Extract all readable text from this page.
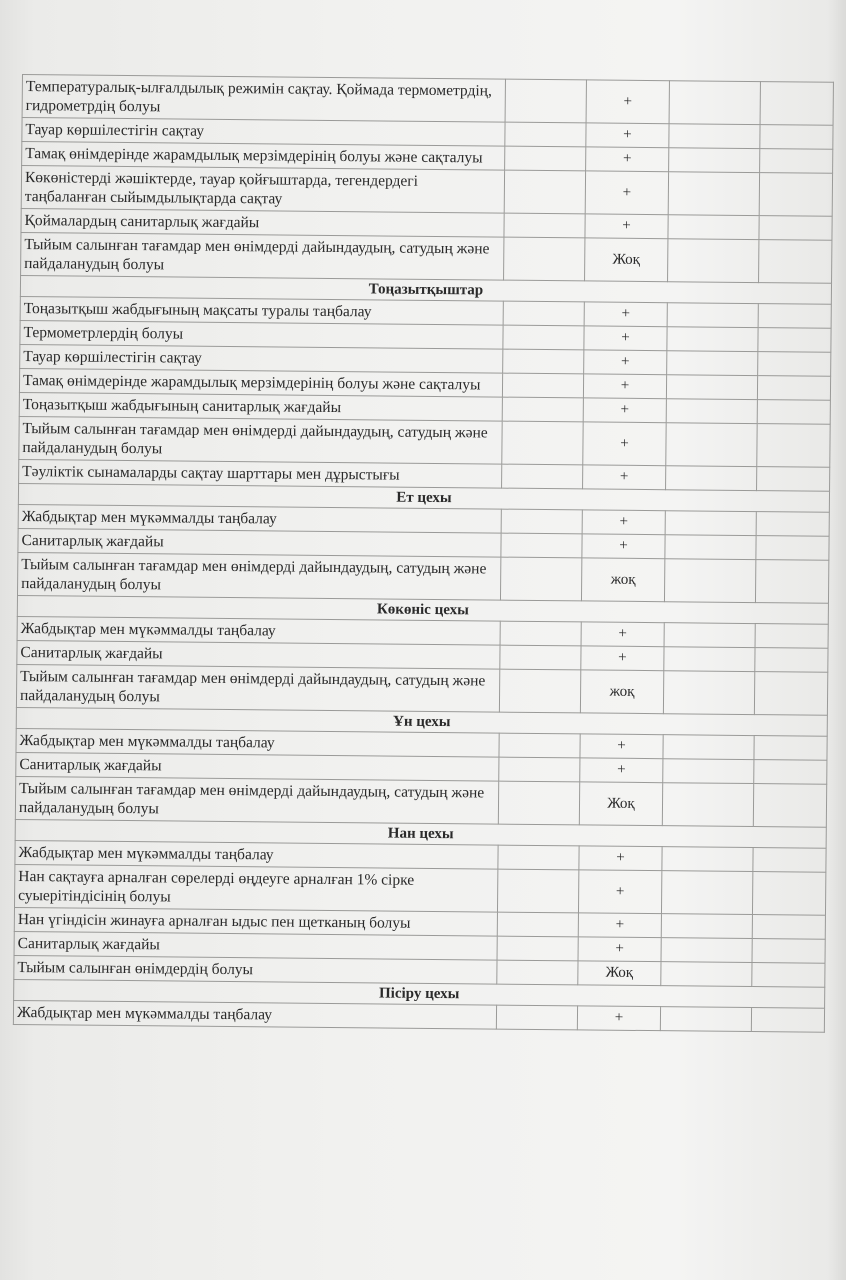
Температуралық-ылғалдылық режимін сақтау. Қоймада термометрдің, гидрометрдің болуы		+		
Тауар көршілестігін сақтау		+		
Тамақ өнімдерінде жарамдылық мерзімдерінің болуы және сақталуы		+		
Көкөністерді жәшіктерде, тауар қойғыштарда, тегендердегі таңбаланған сыйымдылықтарда сақтау		+		
Қоймалардың санитарлық жағдайы		+		
Тыйым салынған тағамдар мен өнімдерді дайындаудың, сатудың және пайдаланудың болуы		Жоқ		
Тоңазытқыштар				
Тоңазытқыш жабдығының мақсаты туралы таңбалау		+		
Термометрлердің болуы		+		
Тауар көршілестігін сақтау		+		
Тамақ өнімдерінде жарамдылық мерзімдерінің болуы және сақталуы		+		
Тоңазытқыш жабдығының санитарлық жағдайы		+		
Тыйым салынған тағамдар мен өнімдерді дайындаудың, сатудың және пайдаланудың болуы		+		
Тәуліктік сынамаларды сақтау шарттары мен дұрыстығы		+		
Ет цехы				
Жабдықтар мен мүкәммалды таңбалау		+		
Санитарлық жағдайы		+		
Тыйым салынған тағамдар мен өнімдерді дайындаудың, сатудың және пайдаланудың болуы		жоқ		
Көкөніс цехы				
Жабдықтар мен мүкәммалды таңбалау		+		
Санитарлық жағдайы		+		
Тыйым салынған тағамдар мен өнімдерді дайындаудың, сатудың және пайдаланудың болуы		жоқ		
Ұн цехы				
Жабдықтар мен мүкәммалды таңбалау		+		
Санитарлық жағдайы		+		
Тыйым салынған тағамдар мен өнімдерді дайындаудың, сатудың және пайдаланудың болуы		Жоқ		
Нан цехы				
Жабдықтар мен мүкәммалды таңбалау		+		
Нан сақтауға арналған сөрелерді өңдеуге арналған 1% сірке суыерітіндісінің болуы		+		
Нан үгіндісін жинауға арналған ыдыс пен щетканың болуы		+		
Санитарлық жағдайы		+		
Тыйым салынған өнімдердің болуы		Жоқ		
Пісіру цехы				
Жабдықтар мен мүкәммалды таңбалау		+		
